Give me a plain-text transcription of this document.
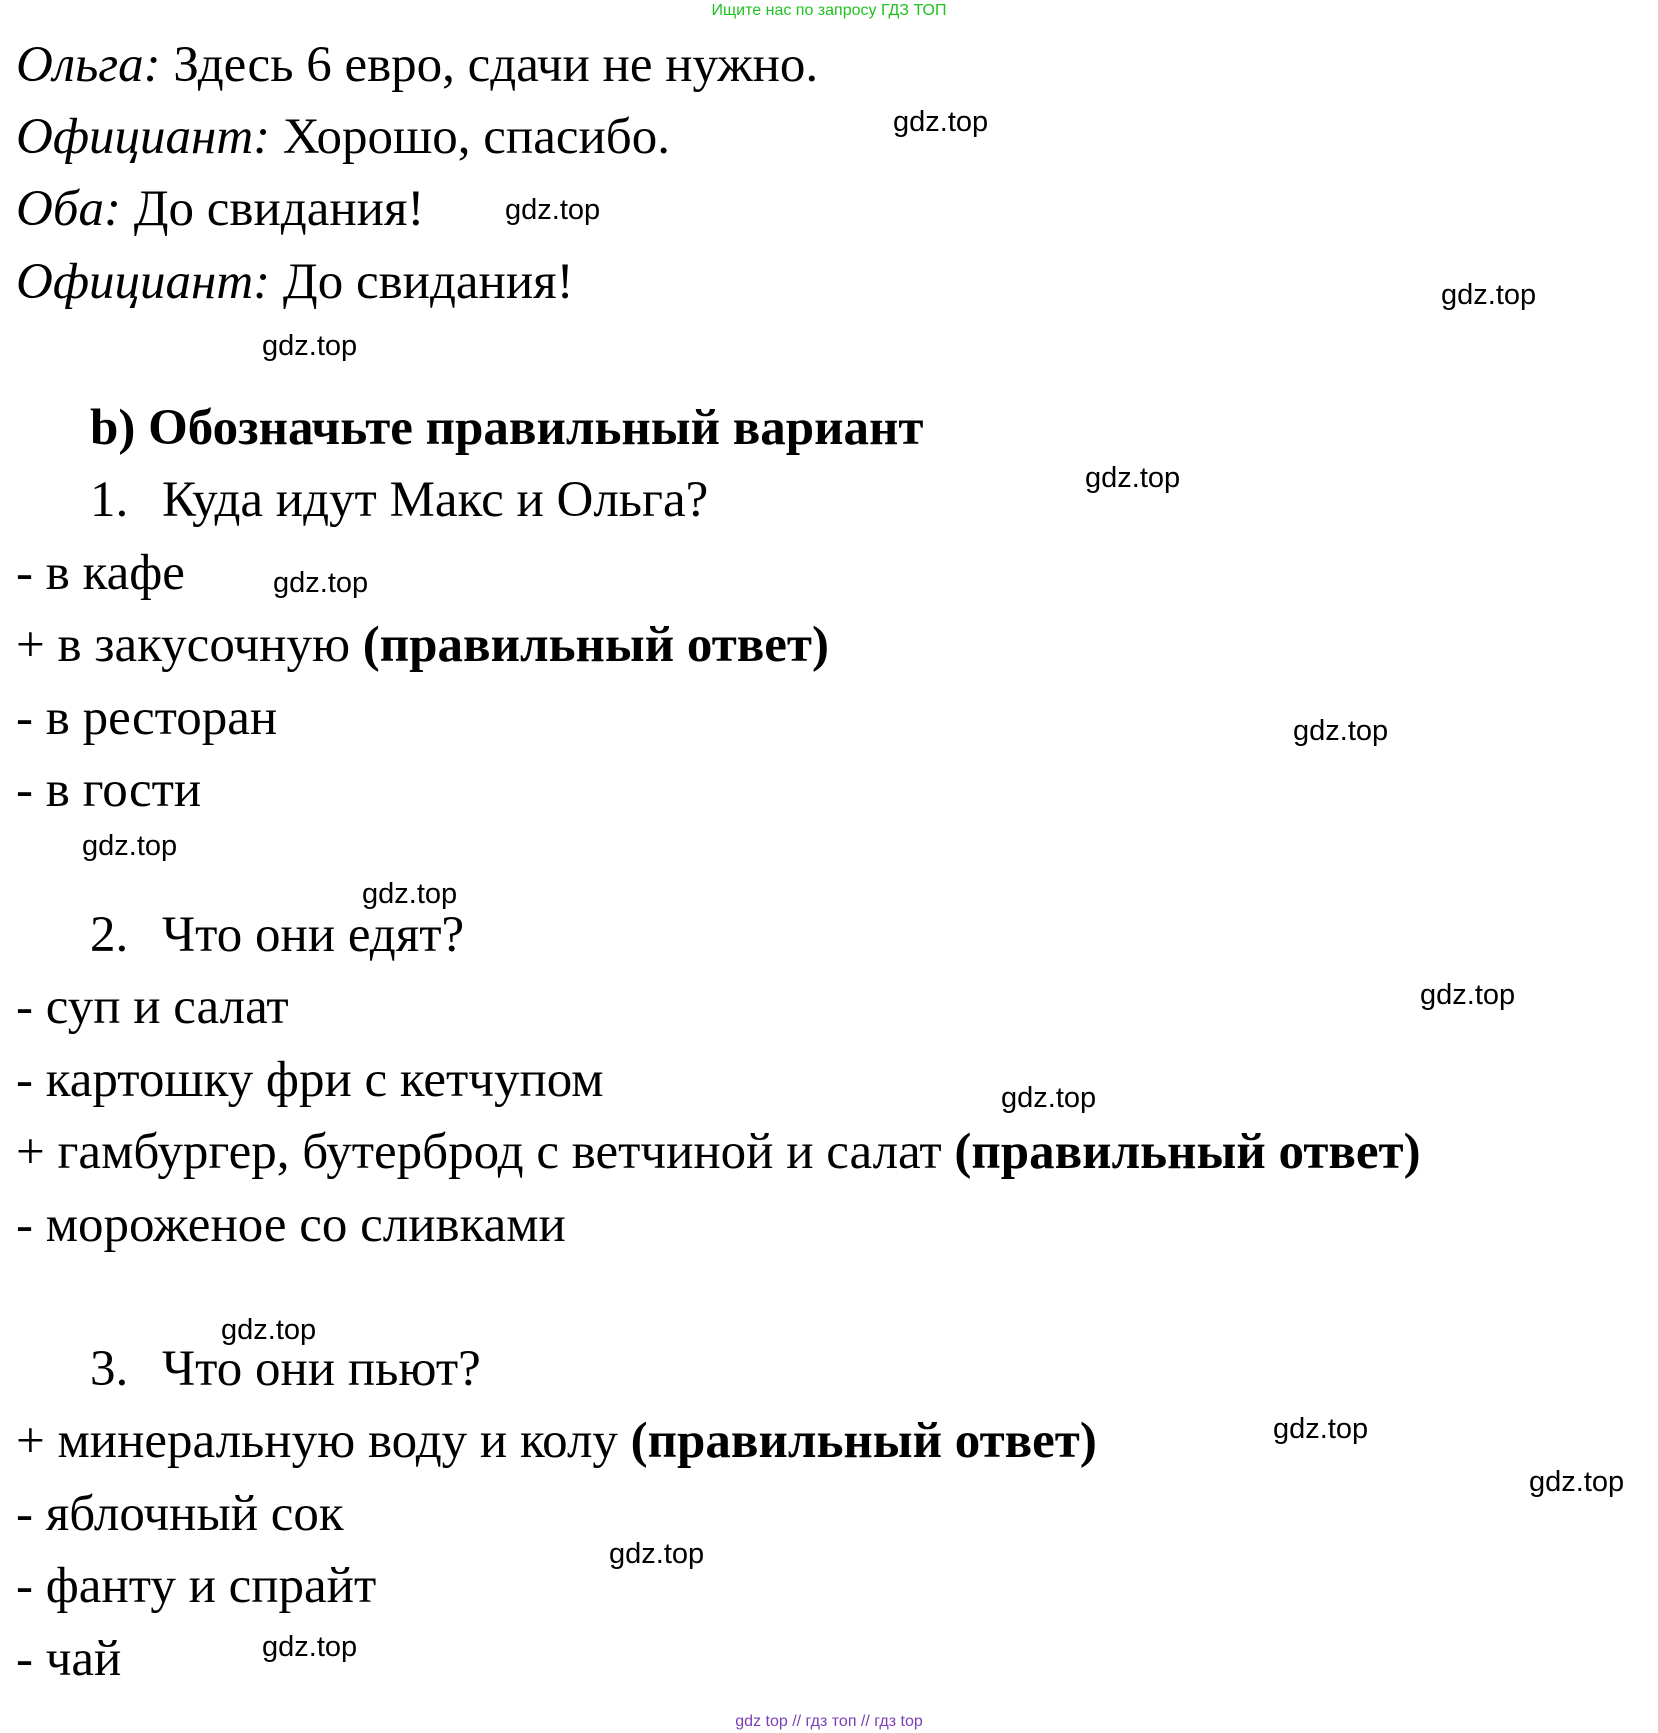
Ищите нас по запросу ГДЗ ТОП
Ольга: Здесь 6 евро, сдачи не нужно.
Официант: Хорошо, спасибо.
Оба: До свидания!
Официант: До свидания!
b) Обозначьте правильный вариант
1. Куда идут Макс и Ольга?
- в кафе
+ в закусочную (правильный ответ)
- в ресторан
- в гости
2. Что они едят?
- суп и салат
- картошку фри с кетчупом
+ гамбургер, бутерброд с ветчиной и салат (правильный ответ)
- мороженое со сливками
3. Что они пьют?
+ минеральную воду и колу (правильный ответ)
- яблочный сок
- фанту и спрайт
- чай
gdz.top
gdz.top
gdz.top
gdz.top
gdz.top
gdz.top
gdz.top
gdz.top
gdz.top
gdz.top
gdz.top
gdz.top
gdz.top
gdz.top
gdz.top
gdz.top
gdz top // гдз топ // гдз top
